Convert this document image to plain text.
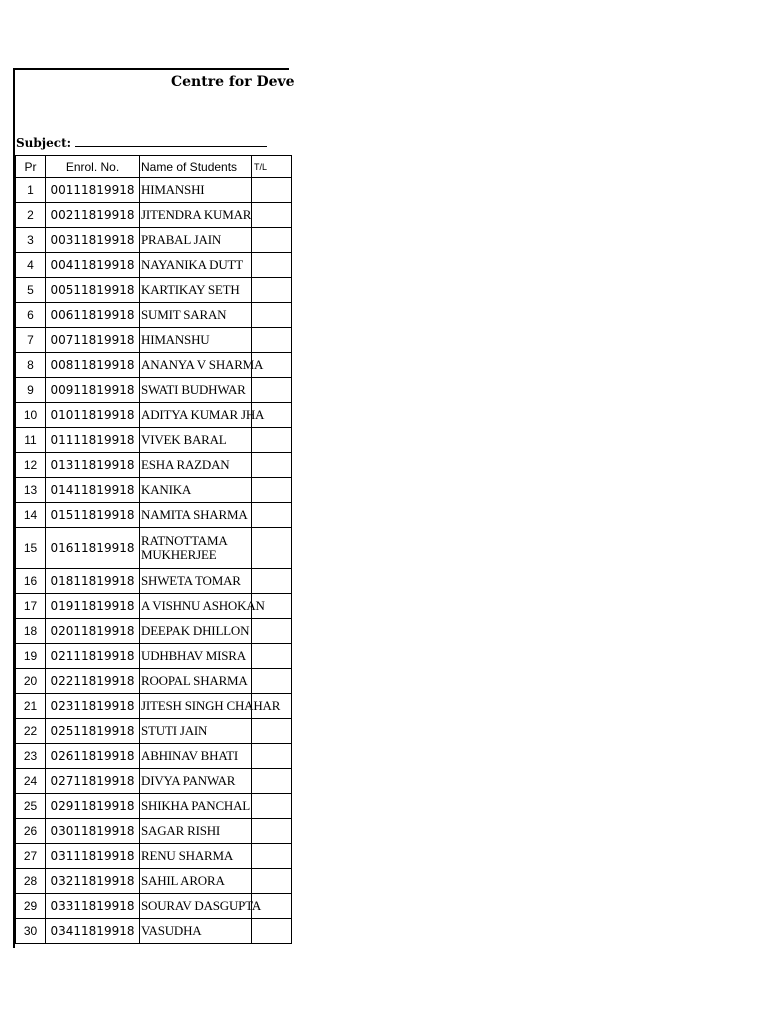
Centre for Deve
Subject:
Pr	Enrol. No.	Name of Students	T/L
1	00111819918	HIMANSHI	
2	00211819918	JITENDRA KUMAR	
3	00311819918	PRABAL JAIN	
4	00411819918	NAYANIKA DUTT	
5	00511819918	KARTIKAY SETH	
6	00611819918	SUMIT SARAN	
7	00711819918	HIMANSHU	
8	00811819918	ANANYA V SHARMA	
9	00911819918	SWATI BUDHWAR	
10	01011819918	ADITYA KUMAR JHA	
11	01111819918	VIVEK BARAL	
12	01311819918	ESHA RAZDAN	
13	01411819918	KANIKA	
14	01511819918	NAMITA SHARMA	
15	01611819918	RATNOTTAMA MUKHERJEE	
16	01811819918	SHWETA TOMAR	
17	01911819918	A VISHNU ASHOKAN	
18	02011819918	DEEPAK DHILLON	
19	02111819918	UDHBHAV MISRA	
20	02211819918	ROOPAL SHARMA	
21	02311819918	JITESH SINGH CHAHAR	
22	02511819918	STUTI JAIN	
23	02611819918	ABHINAV BHATI	
24	02711819918	DIVYA PANWAR	
25	02911819918	SHIKHA PANCHAL	
26	03011819918	SAGAR RISHI	
27	03111819918	RENU SHARMA	
28	03211819918	SAHIL ARORA	
29	03311819918	SOURAV DASGUPTA	
30	03411819918	VASUDHA	
